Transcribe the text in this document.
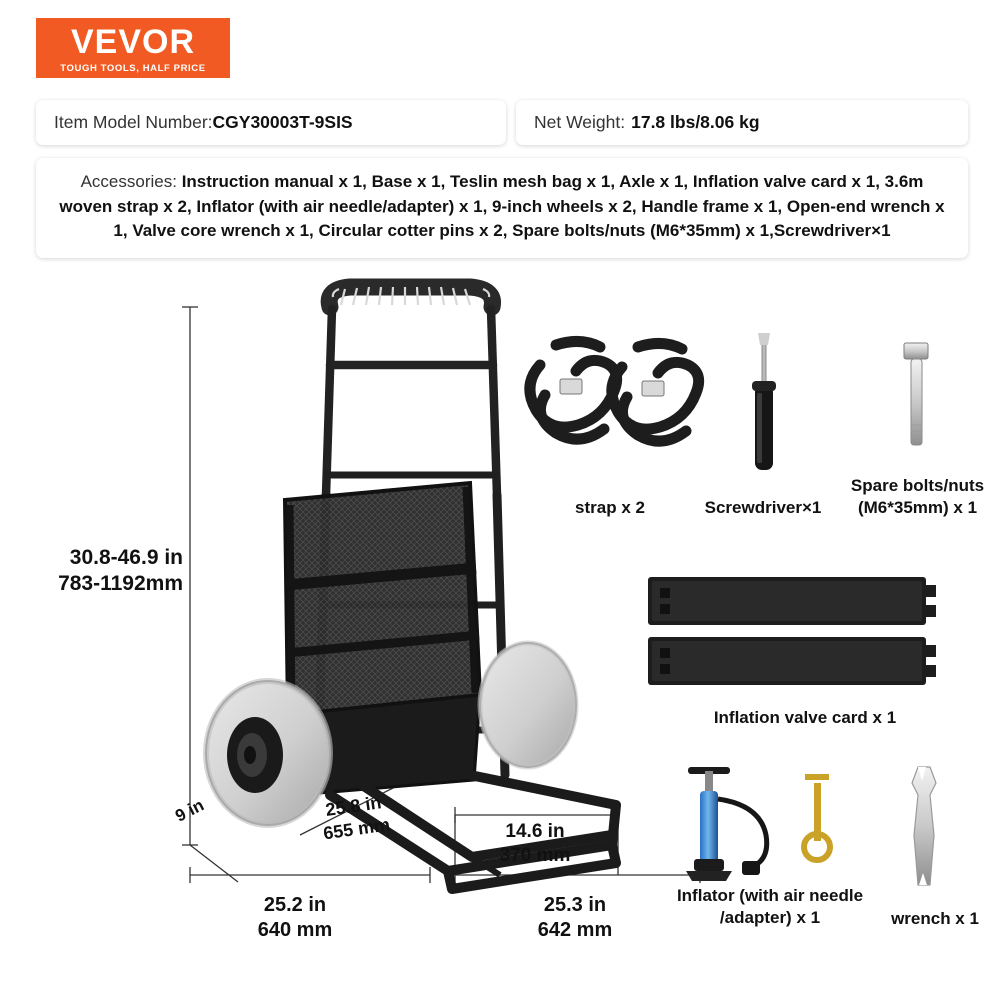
VEVOR
TOUGH TOOLS, HALF PRICE
Item Model Number: CGY30003T-9SIS	Net Weight: 17.8 lbs/8.06 kg
Accessories: Instruction manual x 1, Base x 1, Teslin mesh bag x 1, Axle x 1, Inflation valve card x 1, 3.6m woven strap x 2, Inflator (with air needle/adapter) x 1, 9-inch wheels x 2, Handle frame x 1, Open-end wrench x 1, Valve core wrench x 1, Circular cotter pins x 2, Spare bolts/nuts (M6*35mm) x 1,Screwdriver×1
30.8-46.9 in
783-1192mm
9 in	25.8 in
655 mm	14.6 in
370 mm
25.2 in
640 mm
25.3 in
642 mm
strap x 2	Screwdriver×1
Spare bolts/nuts
(M6*35mm) x 1
Inflation valve card x 1
Inflator (with air needle
/adapter) x 1	wrench x 1
